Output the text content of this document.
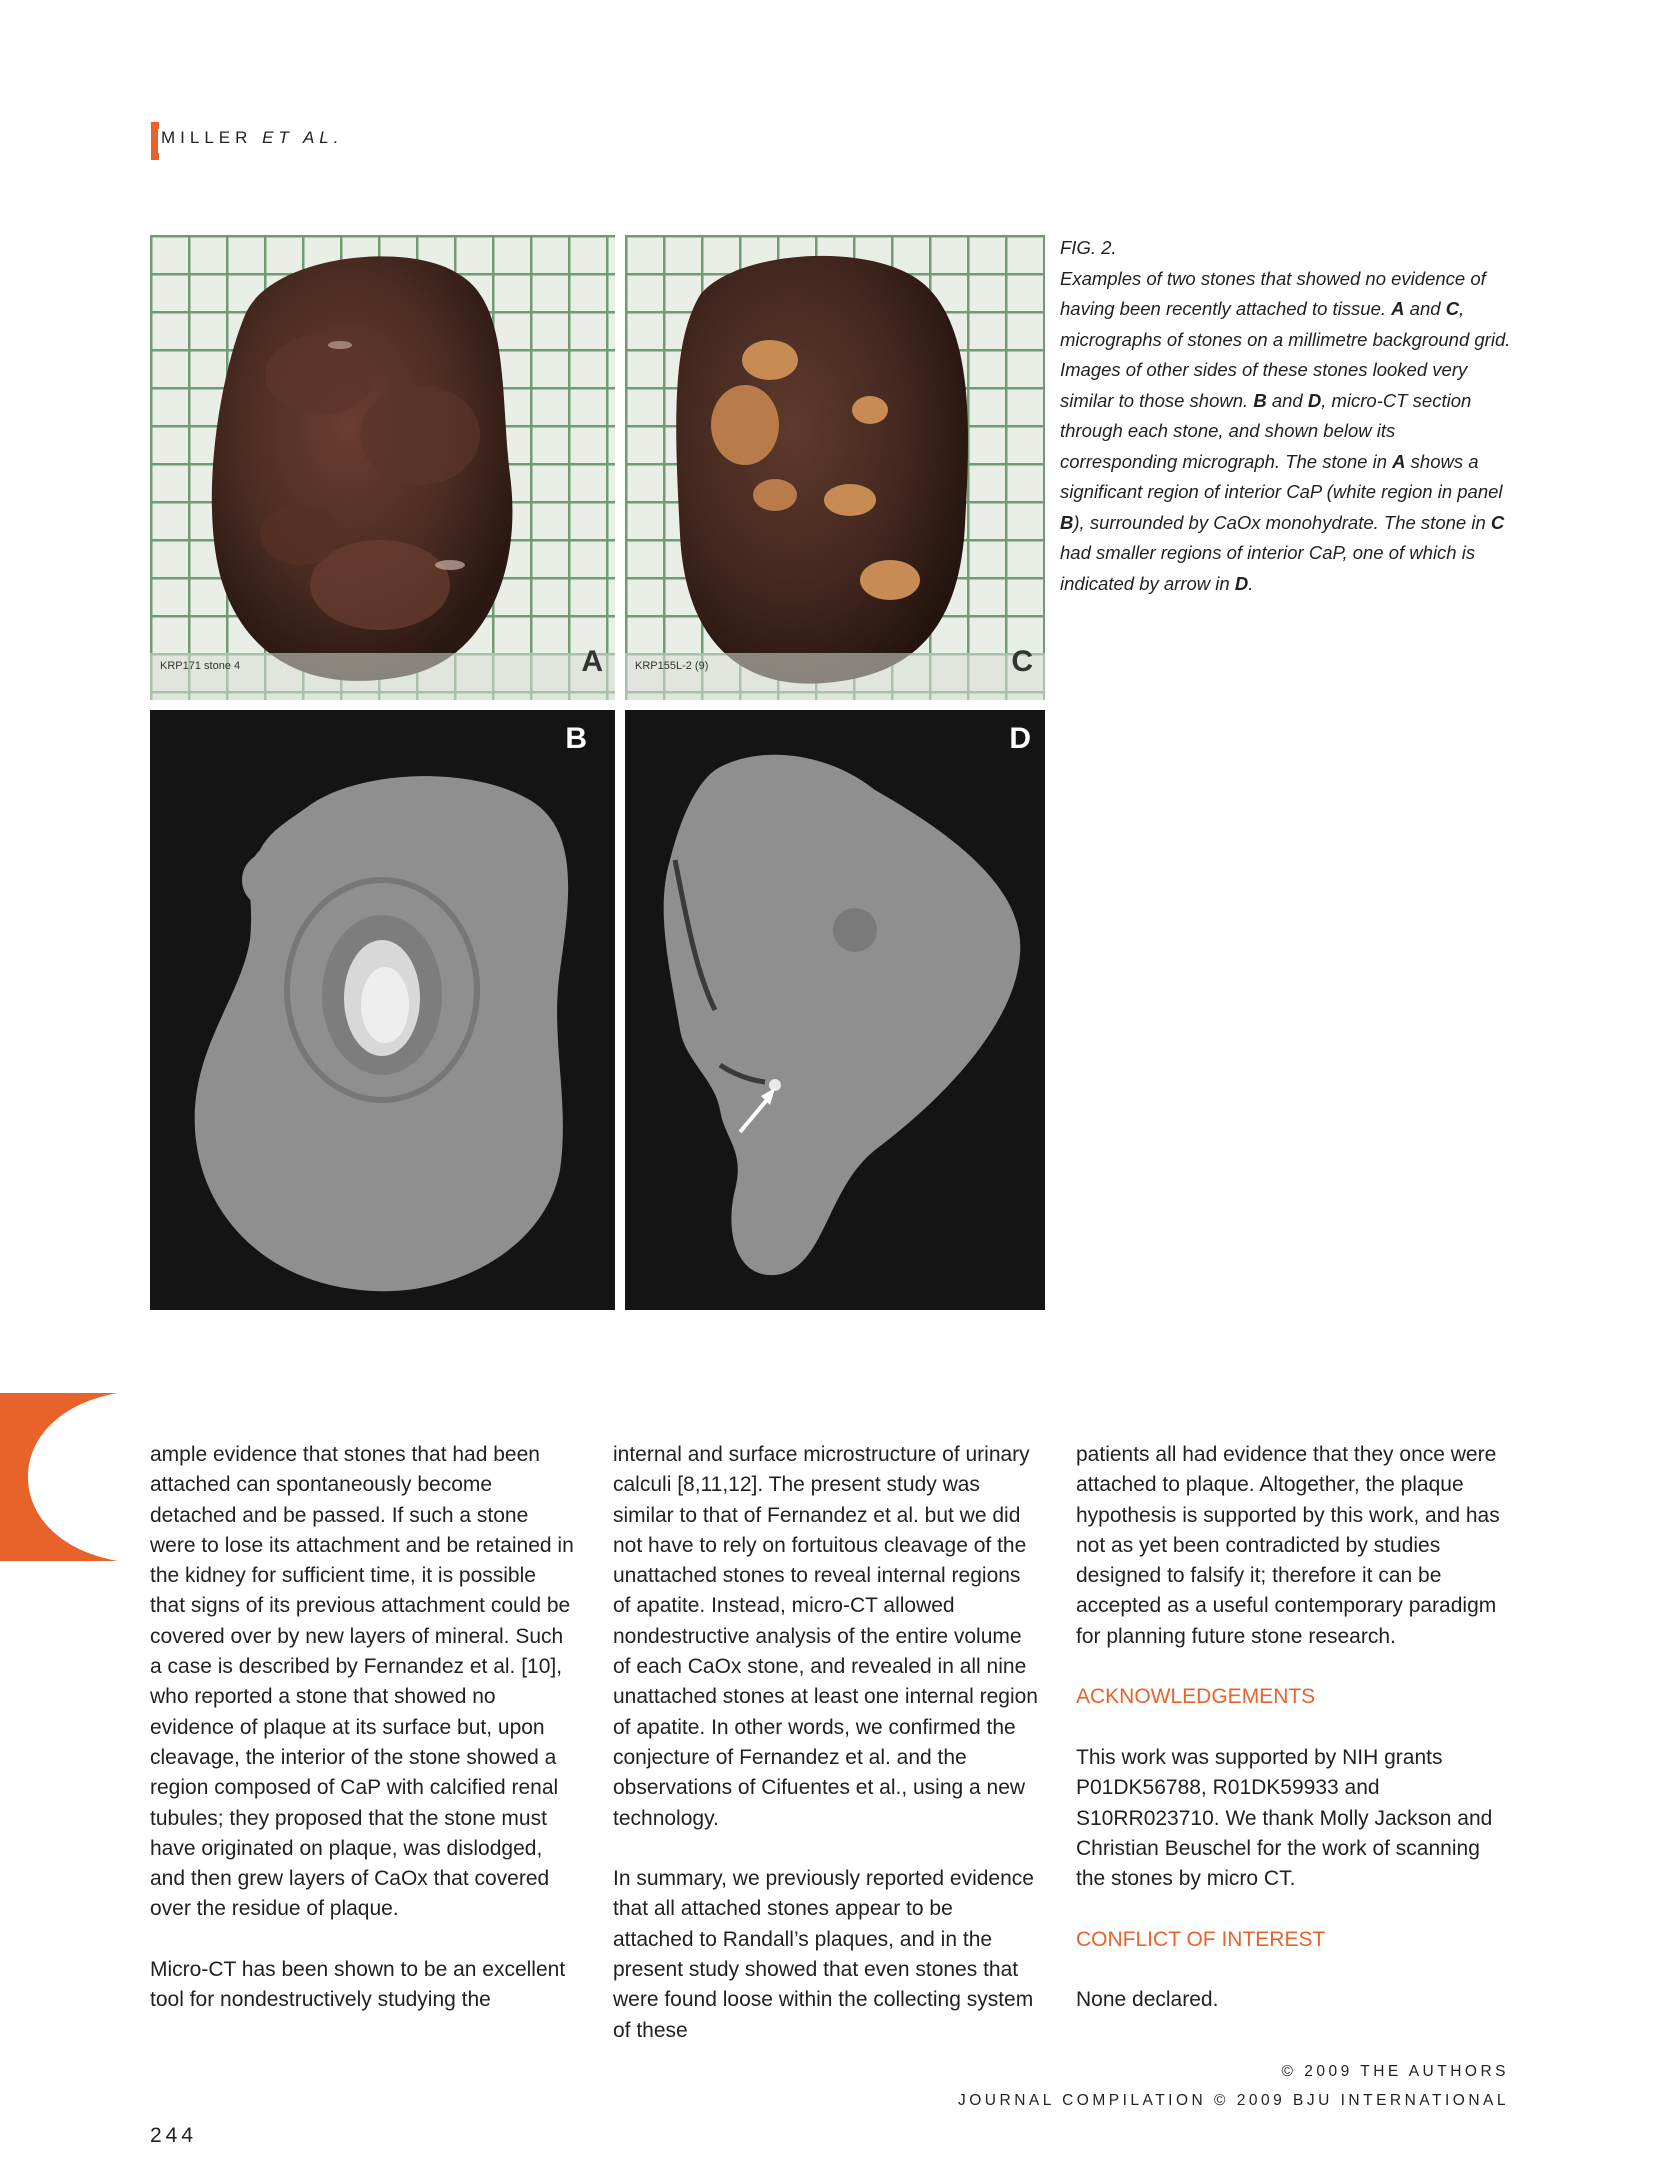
MILLER ET AL.
KRP171 stone 4	A	KRP155L-2 (9)	C
B	D
FIG. 2.
Examples of two stones that showed no evidence of having been recently attached to tissue. A and C, micrographs of stones on a millimetre background grid. Images of other sides of these stones looked very similar to those shown. B and D, micro-CT section through each stone, and shown below its corresponding micrograph. The stone in A shows a significant region of interior CaP (white region in panel B), surrounded by CaOx monohydrate. The stone in C had smaller regions of interior CaP, one of which is indicated by arrow in D.

ample evidence that stones that had been attached can spontaneously become detached and be passed. If such a stone were to lose its attachment and be retained in the kidney for sufficient time, it is possible that signs of its previous attachment could be covered over by new layers of mineral. Such a case is described by Fernandez et al. [10], who reported a stone that showed no evidence of plaque at its surface but, upon cleavage, the interior of the stone showed a region composed of CaP with calcified renal tubules; they proposed that the stone must have originated on plaque, was dislodged, and then grew layers of CaOx that covered over the residue of plaque.

Micro-CT has been shown to be an excellent tool for nondestructively studying the

internal and surface microstructure of urinary calculi [8,11,12]. The present study was similar to that of Fernandez et al. but we did not have to rely on fortuitous cleavage of the unattached stones to reveal internal regions of apatite. Instead, micro-CT allowed nondestructive analysis of the entire volume of each CaOx stone, and revealed in all nine unattached stones at least one internal region of apatite. In other words, we confirmed the conjecture of Fernandez et al. and the observations of Cifuentes et al., using a new technology.

In summary, we previously reported evidence that all attached stones appear to be attached to Randall’s plaques, and in the present study showed that even stones that were found loose within the collecting system of these

patients all had evidence that they once were attached to plaque. Altogether, the plaque hypothesis is supported by this work, and has not as yet been contradicted by studies designed to falsify it; therefore it can be accepted as a useful contemporary paradigm for planning future stone research.

ACKNOWLEDGEMENTS

This work was supported by NIH grants P01DK56788, R01DK59933 and S10RR023710. We thank Molly Jackson and Christian Beuschel for the work of scanning the stones by micro CT.

CONFLICT OF INTEREST

None declared.

244
© 2009 THE AUTHORS
JOURNAL COMPILATION © 2009 BJU INTERNATIONAL
